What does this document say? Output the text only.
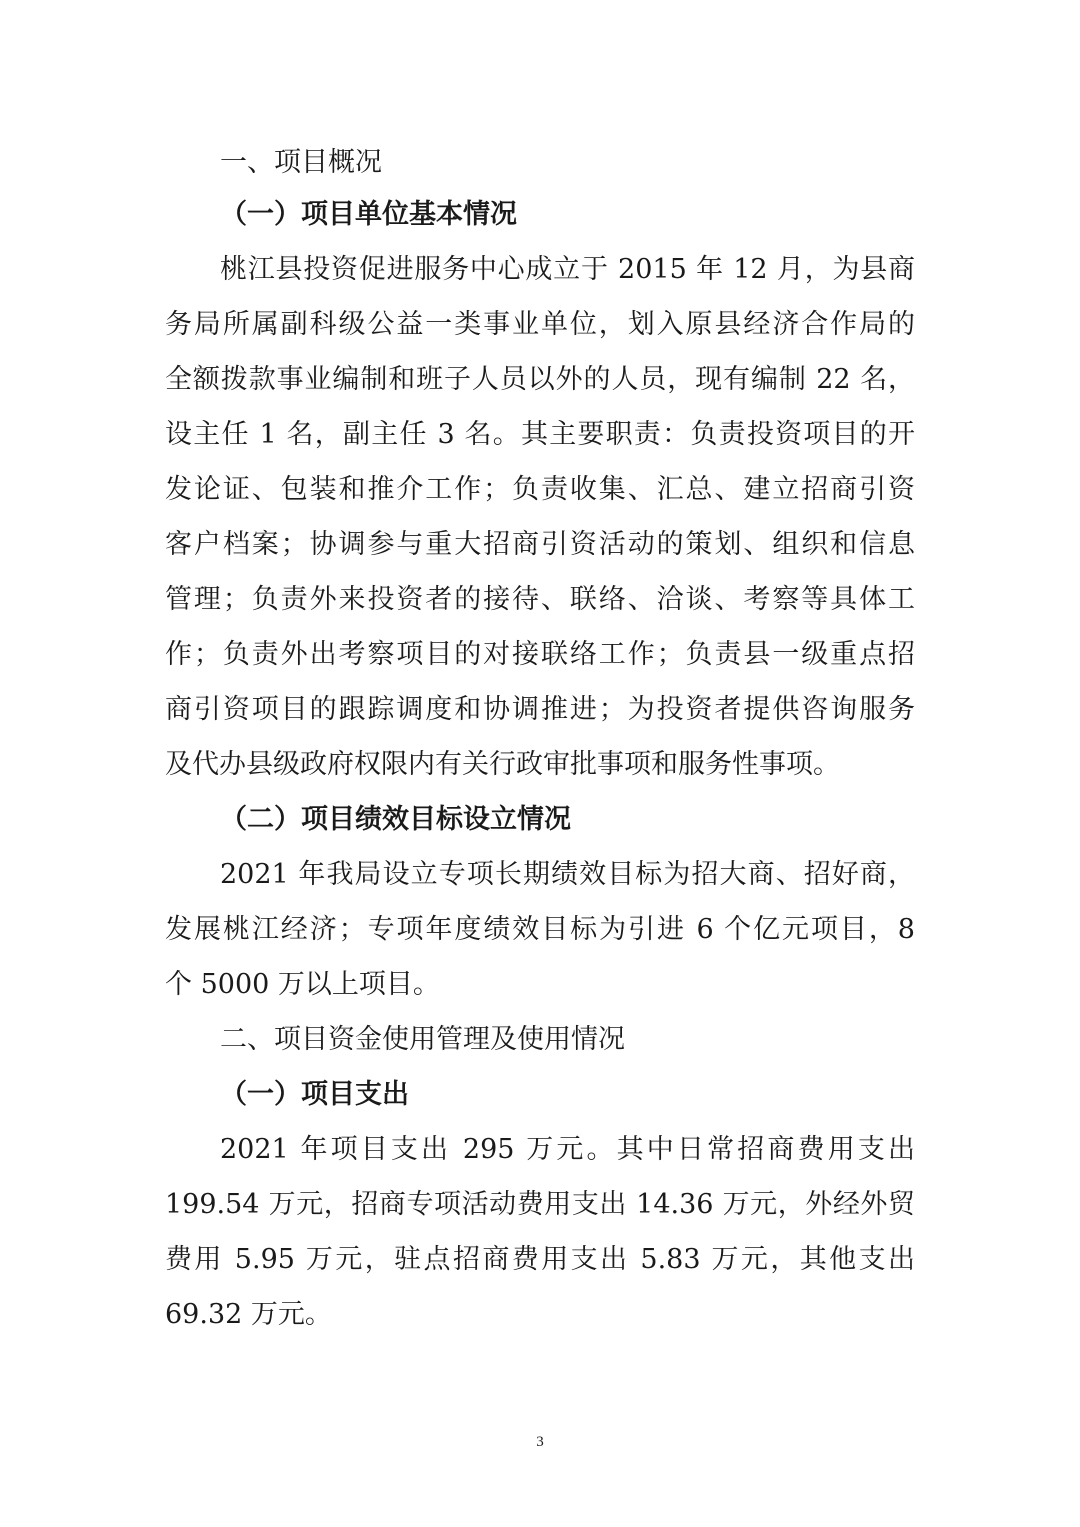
一、项目概况
（一）项目单位基本情况
桃江县投资促进服务中心成立于 2015 年 12 月，为县商
务局所属副科级公益一类事业单位，划入原县经济合作局的
全额拨款事业编制和班子人员以外的人员，现有编制 22 名，
设主任 1 名，副主任 3 名。其主要职责：负责投资项目的开
发论证、包装和推介工作；负责收集、汇总、建立招商引资
客户档案；协调参与重大招商引资活动的策划、组织和信息
管理；负责外来投资者的接待、联络、洽谈、考察等具体工
作；负责外出考察项目的对接联络工作；负责县一级重点招
商引资项目的跟踪调度和协调推进；为投资者提供咨询服务
及代办县级政府权限内有关行政审批事项和服务性事项。
（二）项目绩效目标设立情况
2021 年我局设立专项长期绩效目标为招大商、招好商，
发展桃江经济；专项年度绩效目标为引进 6 个亿元项目，8
个 5000 万以上项目。
二、项目资金使用管理及使用情况
（一）项目支出
2021 年项目支出 295 万元。其中日常招商费用支出
199.54 万元，招商专项活动费用支出 14.36 万元，外经外贸
费用 5.95 万元，驻点招商费用支出 5.83 万元，其他支出
69.32 万元。
3
